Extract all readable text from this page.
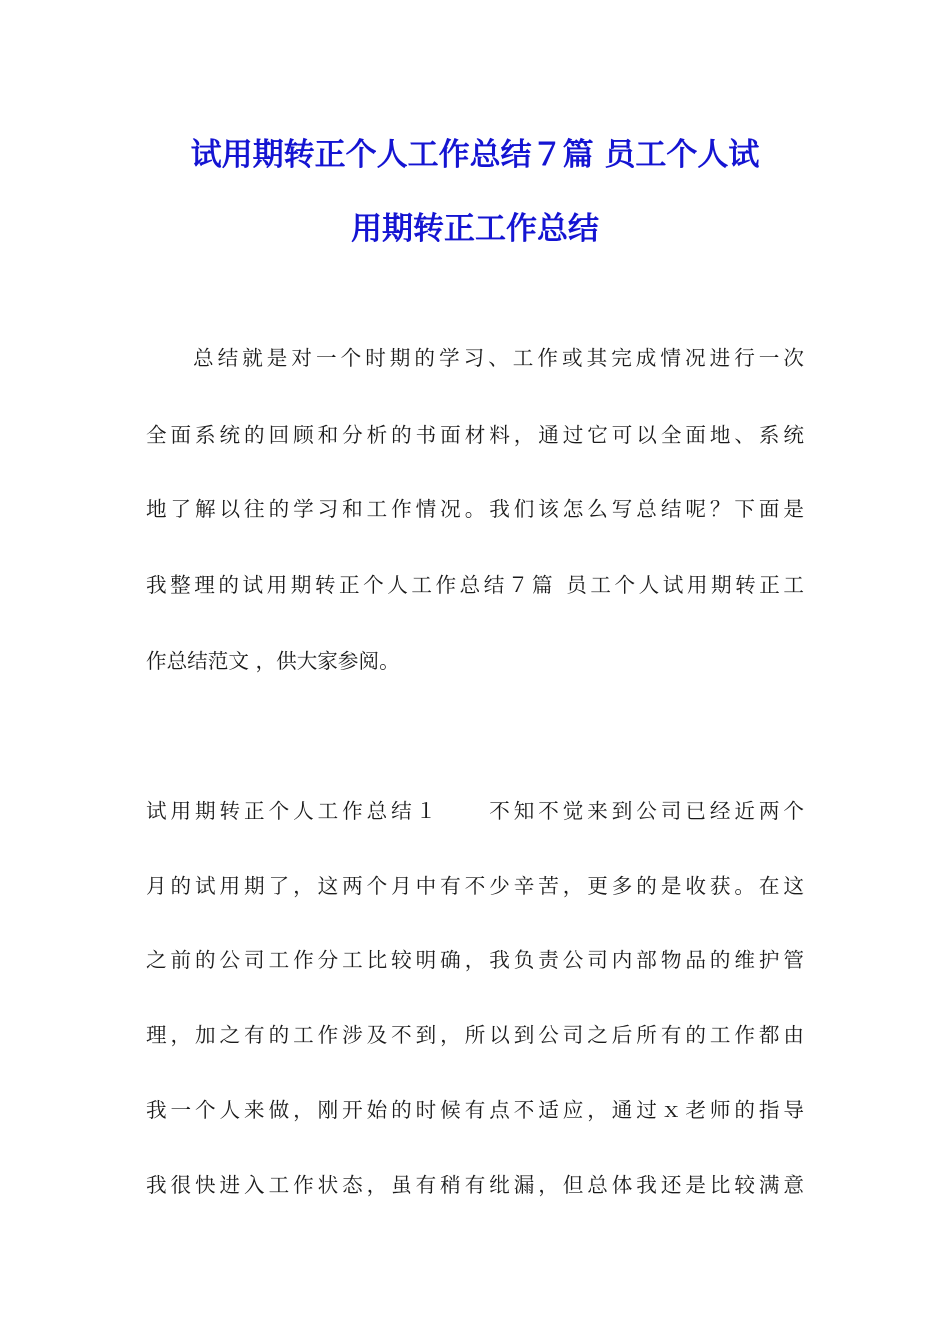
试用期转正个人工作总结７篇 员工个人试
用期转正工作总结
总结就是对一个时期的学习、工作或其完成情况进行一次
全面系统的回顾和分析的书面材料，通过它可以全面地、系统
地了解以往的学习和工作情况。我们该怎么写总结呢？下面是
我整理的试用期转正个人工作总结７篇 员工个人试用期转正工
作总结范文 ，供大家参阅。
试用期转正个人工作总结１　　不知不觉来到公司已经近两个
月的试用期了，这两个月中有不少辛苦，更多的是收获。在这
之前的公司工作分工比较明确，我负责公司内部物品的维护管
理，加之有的工作涉及不到，所以到公司之后所有的工作都由
我一个人来做，刚开始的时候有点不适应，通过ｘ老师的指导
我很快进入工作状态，虽有稍有纰漏，但总体我还是比较满意
